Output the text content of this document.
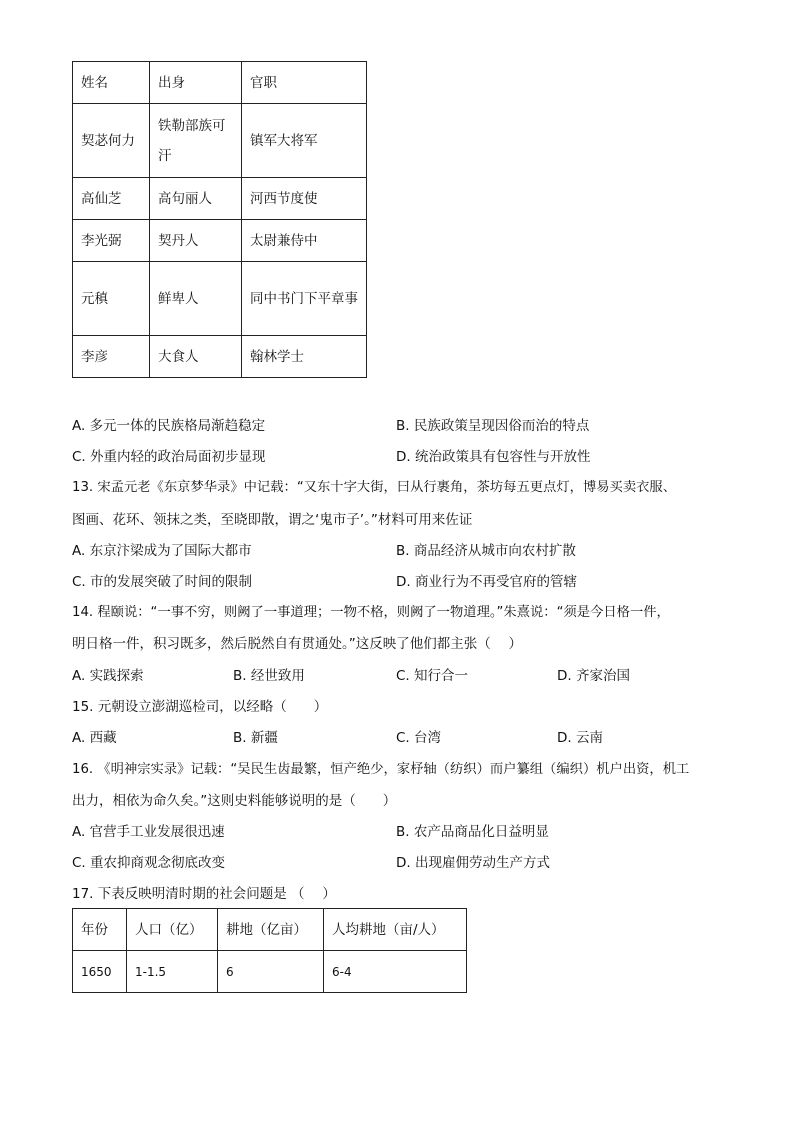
姓名	出身	官职
契苾何力	铁勒部族可汗	镇军大将军
高仙芝	高句丽人	河西节度使
李光弼	契丹人	太尉兼侍中
元稹	鲜卑人	同中书门下平章事
李彦	大食人	翰林学士
A. 多元一体的民族格局渐趋稳定	B. 民族政策呈现因俗而治的特点
C. 外重内轻的政治局面初步显现	D. 统治政策具有包容性与开放性
13. 宋孟元老《东京梦华录》中记载：“又东十字大街，曰从行裹角，茶坊每五更点灯，博易买卖衣服、
图画、花环、领抹之类，至晓即散，谓之‘鬼市子’。”材料可用来佐证
A. 东京汴梁成为了国际大都市	B. 商品经济从城市向农村扩散
C. 市的发展突破了时间的限制	D. 商业行为不再受官府的管辖
14. 程颐说：“一事不穷，则阙了一事道理；一物不格，则阙了一物道理。”朱熹说：“须是今日格一件，
明日格一件，积习既多，然后脱然自有贯通处。”这反映了他们都主张（　 ）
A. 实践探索	B. 经世致用	C. 知行合一	D. 齐家治国
15. 元朝设立澎湖巡检司，以经略（　　）
A. 西藏	B. 新疆	C. 台湾	D. 云南
16. 《明神宗实录》记载：“吴民生齿最繁，恒产绝少，家杼轴（纺织）而户纂组（编织）机户出资，机工
出力，相依为命久矣。”这则史料能够说明的是（　　）
A. 官营手工业发展很迅速	B. 农产品商品化日益明显
C. 重农抑商观念彻底改变	D. 出现雇佣劳动生产方式
17. 下表反映明清时期的社会问题是 （　 ）
年份	人口（亿）	耕地（亿亩）	人均耕地（亩/人）
1650	1-1.5	6	6-4
